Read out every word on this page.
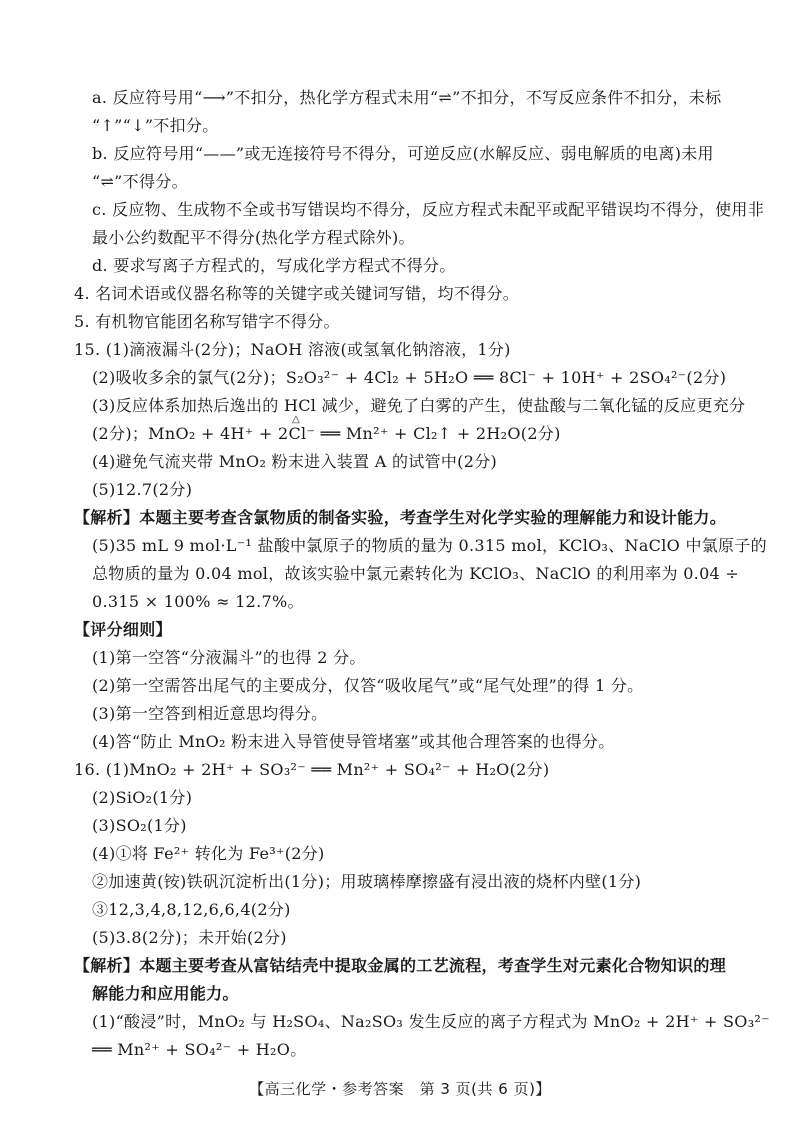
a. 反应符号用“⟶”不扣分，热化学方程式未用“⇌”不扣分，不写反应条件不扣分，未标
“↑”“↓”不扣分。
b. 反应符号用“——”或无连接符号不得分，可逆反应(水解反应、弱电解质的电离)未用
“⇌”不得分。
c. 反应物、生成物不全或书写错误均不得分，反应方程式未配平或配平错误均不得分，使用非
最小公约数配平不得分(热化学方程式除外)。
d. 要求写离子方程式的，写成化学方程式不得分。
4. 名词术语或仪器名称等的关键字或关键词写错，均不得分。
5. 有机物官能团名称写错字不得分。
15. (1)滴液漏斗(2分)；NaOH 溶液(或氢氧化钠溶液，1分)
(2)吸收多余的氯气(2分)；S₂O₃²⁻ + 4Cl₂ + 5H₂O ══ 8Cl⁻ + 10H⁺ + 2SO₄²⁻(2分)
(3)反应体系加热后逸出的 HCl 减少，避免了白雾的产生，使盐酸与二氧化锰的反应更充分
(2分)；MnO₂ + 4H⁺ + 2Cl⁻ ══ Mn²⁺ + Cl₂↑ + 2H₂O(2分)
(4)避免气流夹带 MnO₂ 粉末进入装置 A 的试管中(2分)
(5)12.7(2分)
【解析】本题主要考查含氯物质的制备实验，考查学生对化学实验的理解能力和设计能力。
(5)35 mL 9 mol·L⁻¹ 盐酸中氯原子的物质的量为 0.315 mol，KClO₃、NaClO 中氯原子的
总物质的量为 0.04 mol，故该实验中氯元素转化为 KClO₃、NaClO 的利用率为 0.04 ÷
0.315 × 100% ≈ 12.7%。
【评分细则】
(1)第一空答“分液漏斗”的也得 2 分。
(2)第一空需答出尾气的主要成分，仅答“吸收尾气”或“尾气处理”的得 1 分。
(3)第一空答到相近意思均得分。
(4)答“防止 MnO₂ 粉末进入导管使导管堵塞”或其他合理答案的也得分。
16. (1)MnO₂ + 2H⁺ + SO₃²⁻ ══ Mn²⁺ + SO₄²⁻ + H₂O(2分)
(2)SiO₂(1分)
(3)SO₂(1分)
(4)①将 Fe²⁺ 转化为 Fe³⁺(2分)
②加速黄(铵)铁矾沉淀析出(1分)；用玻璃棒摩擦盛有浸出液的烧杯内壁(1分)
③12,3,4,8,12,6,6,4(2分)
(5)3.8(2分)；未开始(2分)
【解析】本题主要考查从富钴结壳中提取金属的工艺流程，考查学生对元素化合物知识的理
解能力和应用能力。
(1)“酸浸”时，MnO₂ 与 H₂SO₄、Na₂SO₃ 发生反应的离子方程式为 MnO₂ + 2H⁺ + SO₃²⁻
══ Mn²⁺ + SO₄²⁻ + H₂O。
△
【高三化学・参考答案　第 3 页(共 6 页)】
